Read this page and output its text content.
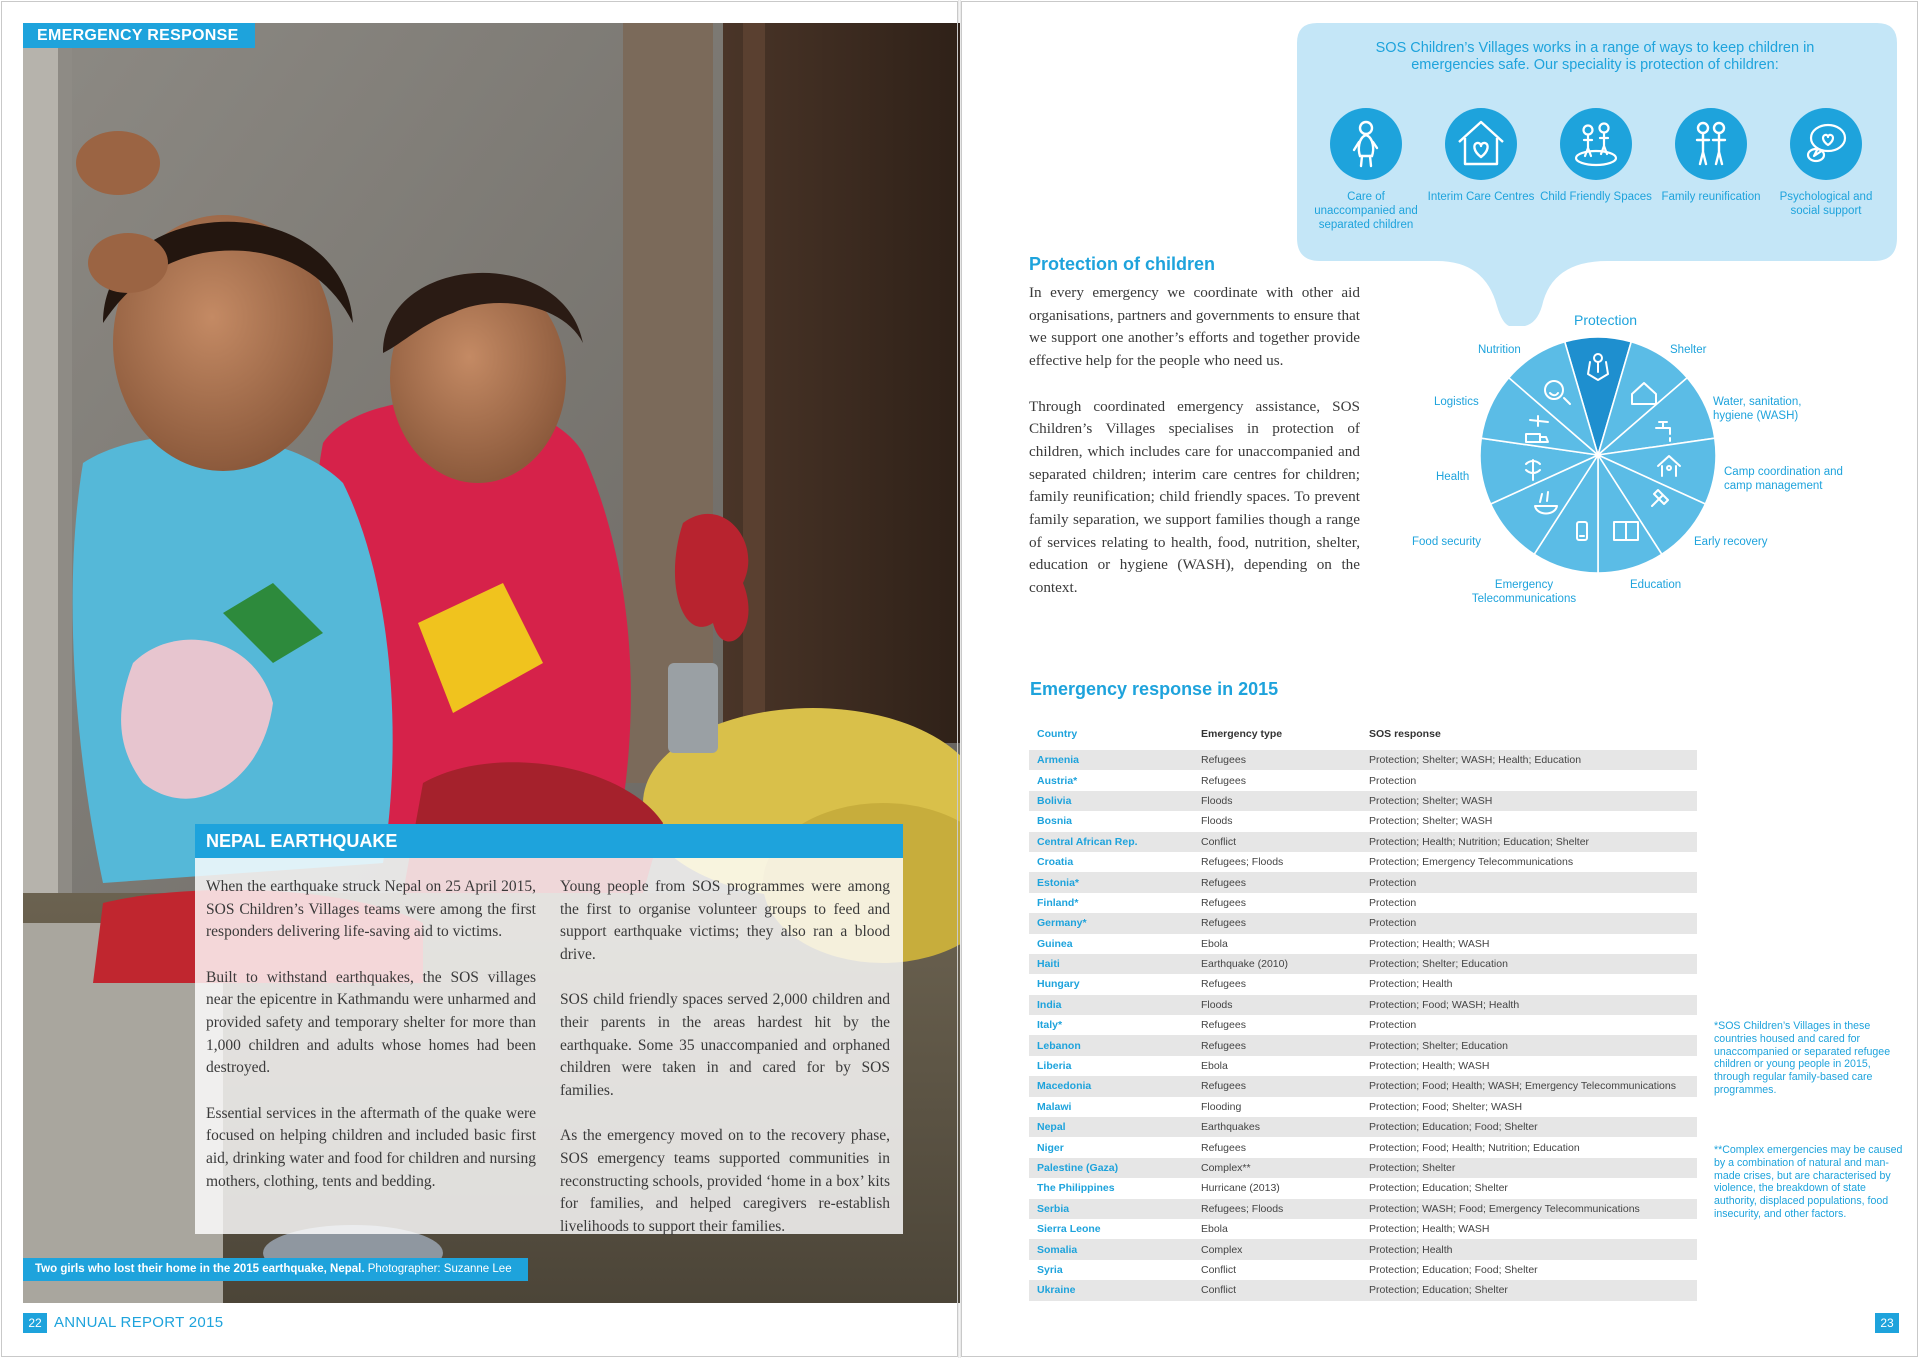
EMERGENCY RESPONSE
NEPAL EARTHQUAKE

When the earthquake struck Nepal on 25 April 2015, SOS Children’s Villages teams were among the first responders delivering life-saving aid to victims.

Built to withstand earthquakes, the SOS villages near the epicentre in Kathmandu were unharmed and provided safety and temporary shelter for more than 1,000 children and adults whose homes had been destroyed.

Essential services in the aftermath of the quake were focused on helping children and included basic first aid, drinking water and food for children and nursing mothers, clothing, tents and bedding.

Young people from SOS programmes were among the first to organise volunteer groups to feed and support earthquake victims; they also ran a blood drive.

SOS child friendly spaces served 2,000 children and their parents in the areas hardest hit by the earthquake. Some 35 unaccompanied and orphaned children were taken in and cared for by SOS families.

As the emergency moved on to the recovery phase, SOS emergency teams supported communities in reconstructing schools, provided ‘home in a box’ kits for families, and helped caregivers re-establish livelihoods to support their families.

Two girls who lost their home in the 2015 earthquake, Nepal. Photographer: Suzanne Lee
22 ANNUAL REPORT 2015
SOS Children’s Villages works in a range of ways to keep children in emergencies safe. Our speciality is protection of children:
Care of unaccompanied and separated children
Interim Care Centres Child Friendly Spaces Family reunification	Psychological and social support
Protection of children

In every emergency we coordinate with other aid organisations, partners and governments to ensure that we support one another’s efforts and together provide effective help for the people who need us.

Through coordinated emergency assistance, SOS Children’s Villages specialises in protection of children, which includes care for unaccompanied and separated children; interim care centres for children; family reunification; child friendly spaces. To prevent family separation, we support families though a range of services relating to health, food, nutrition, shelter, education or hygiene (WASH), depending on the context.

Protection
Shelter
Water, sanitation, hygiene (WASH)
Camp coordination and camp management
Early recovery
Education
Emergency Telecommunications
Food security
Health
Logistics
Nutrition
Emergency response in 2015
Country	Emergency type	SOS response

Armenia	Refugees	Protection; Shelter; WASH; Health; Education
Austria*	Refugees	Protection
Bolivia	Floods	Protection; Shelter; WASH
Bosnia	Floods	Protection; Shelter; WASH
Central African Rep.	Conflict	Protection; Health; Nutrition; Education; Shelter
Croatia	Refugees; Floods	Protection; Emergency Telecommunications
Estonia*	Refugees	Protection
Finland*	Refugees	Protection
Germany*	Refugees	Protection
Guinea	Ebola	Protection; Health; WASH
Haiti	Earthquake (2010)	Protection; Shelter; Education
Hungary	Refugees	Protection; Health
India	Floods	Protection; Food; WASH; Health
Italy*	Refugees	Protection
Lebanon	Refugees	Protection; Shelter; Education
Liberia	Ebola	Protection; Health; WASH
Macedonia	Refugees	Protection; Food; Health; WASH; Emergency Telecommunications
Malawi	Flooding	Protection; Food; Shelter; WASH
Nepal	Earthquakes	Protection; Education; Food; Shelter
Niger	Refugees	Protection; Food; Health; Nutrition; Education
Palestine (Gaza)	Complex**	Protection; Shelter
The Philippines	Hurricane (2013)	Protection; Education; Shelter
Serbia	Refugees; Floods	Protection; WASH; Food; Emergency Telecommunications
Sierra Leone	Ebola	Protection; Health; WASH
Somalia	Complex	Protection; Health
Syria	Conflict	Protection; Education; Food; Shelter
Ukraine	Conflict	Protection; Education; Shelter
*SOS Children’s Villages in these countries housed and cared for unaccompanied or separated refugee children or young people in 2015, through regular family-based care programmes.
**Complex emergencies may be caused by a combination of natural and man-made crises, but are characterised by violence, the breakdown of state authority, displaced populations, food insecurity, and other factors.
23
